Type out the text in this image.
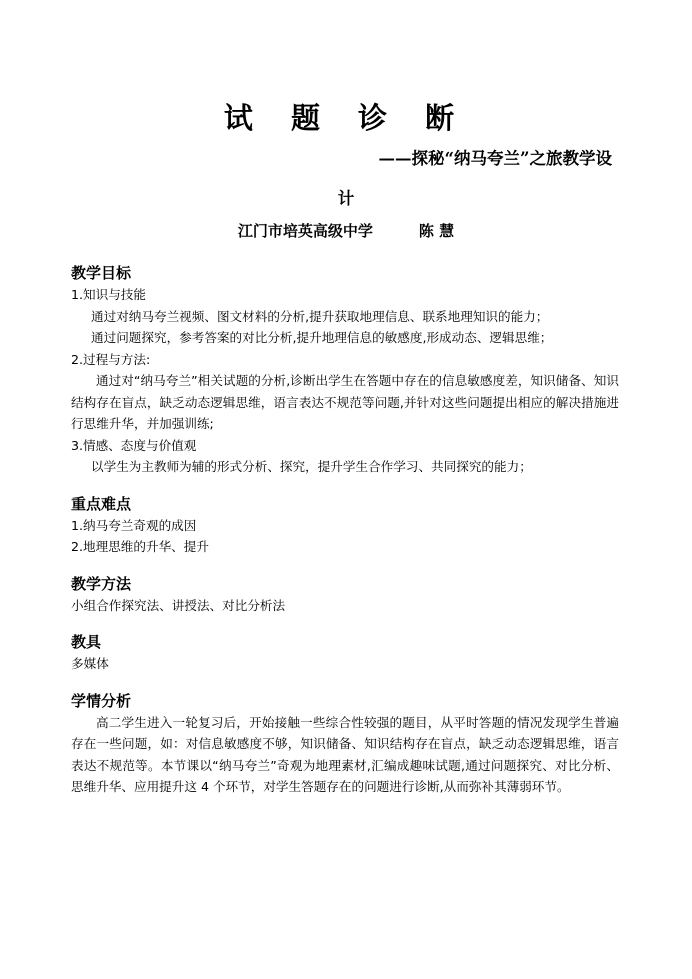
试 题 诊 断
——探秘“纳马夸兰”之旅教学设
计
江门市培英高级中学	陈 慧

教学目标

1.知识与技能

通过对纳马夸兰视频、图文材料的分析,提升获取地理信息、联系地理知识的能力；

通过问题探究，参考答案的对比分析,提升地理信息的敏感度,形成动态、逻辑思维；

2.过程与方法:

通过对“纳马夸兰”相关试题的分析,诊断出学生在答题中存在的信息敏感度差，知识储备、知识结构存在盲点，缺乏动态逻辑思维，语言表达不规范等问题,并针对这些问题提出相应的解决措施进行思维升华，并加强训练;

3.情感、态度与价值观

以学生为主教师为辅的形式分析、探究，提升学生合作学习、共同探究的能力；

重点难点

1.纳马夸兰奇观的成因

2.地理思维的升华、提升

教学方法

小组合作探究法、讲授法、对比分析法

教具

多媒体

学情分析

高二学生进入一轮复习后，开始接触一些综合性较强的题目，从平时答题的情况发现学生普遍存在一些问题，如：对信息敏感度不够，知识储备、知识结构存在盲点，缺乏动态逻辑思维，语言表达不规范等。本节课以“纳马夸兰”奇观为地理素材,汇编成趣味试题,通过问题探究、对比分析、思维升华、应用提升这 4 个环节，对学生答题存在的问题进行诊断,从而弥补其薄弱环节。
